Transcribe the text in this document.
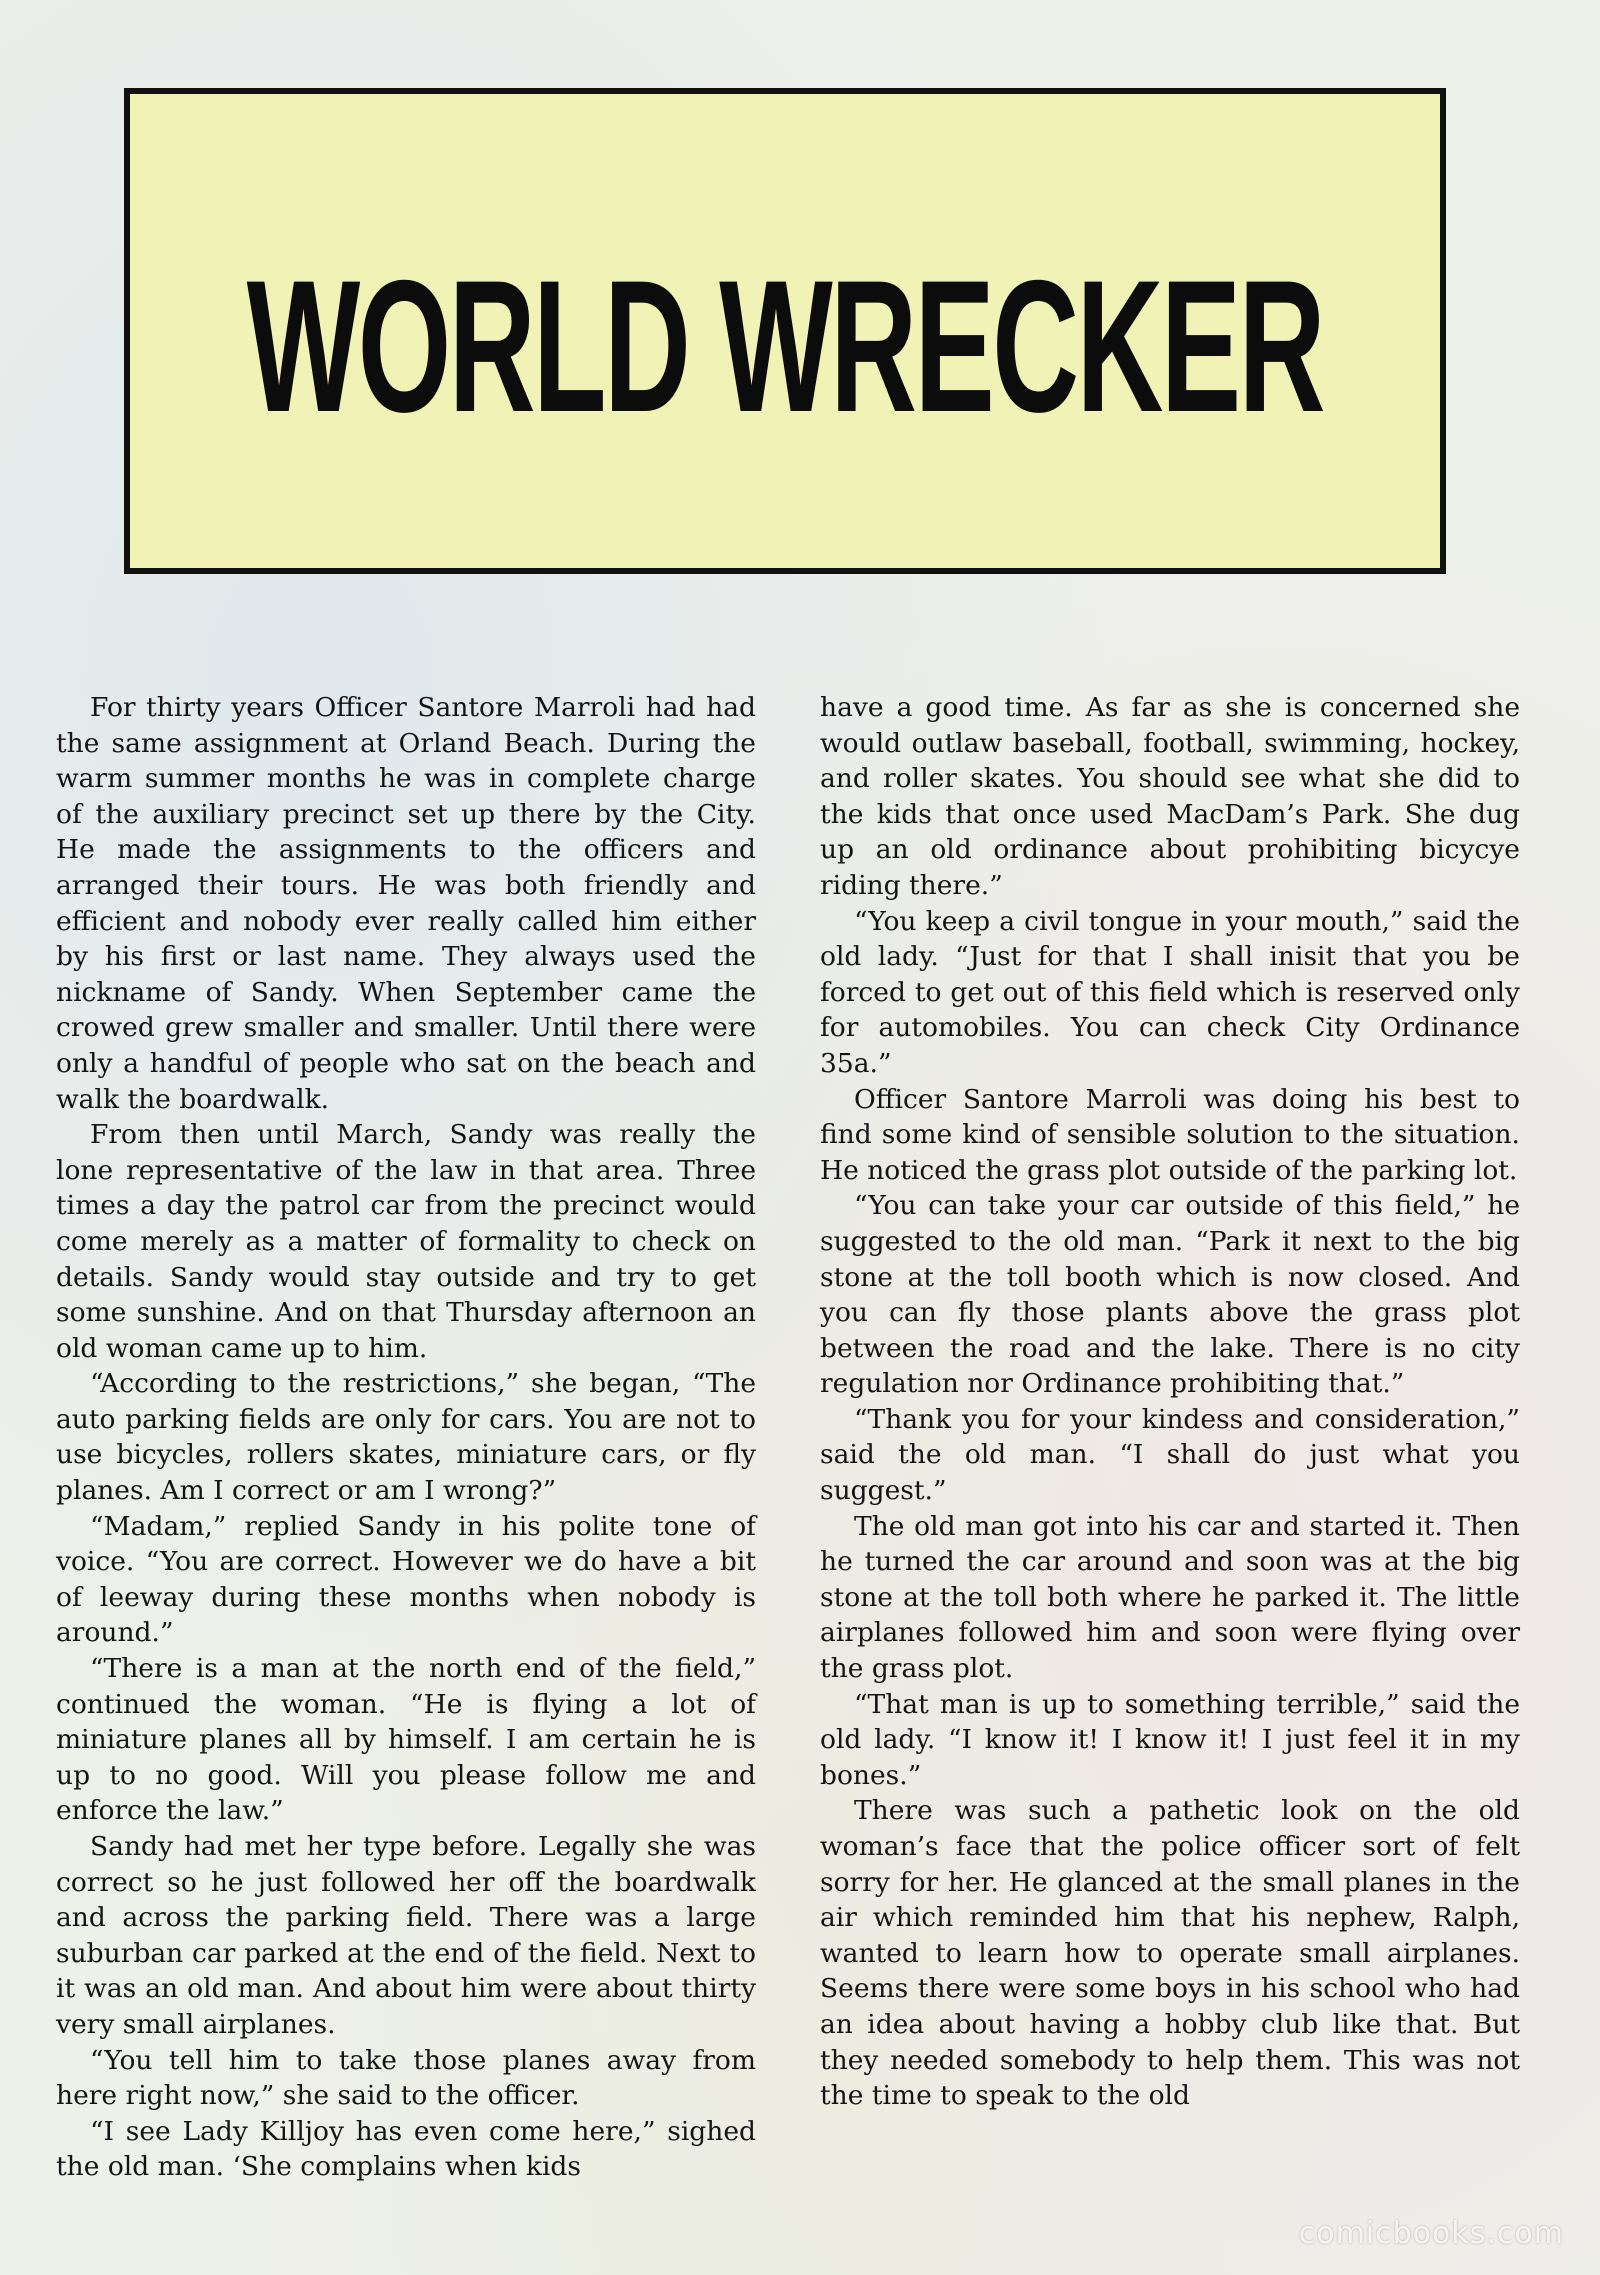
WORLD WRECKER

For thirty years Officer Santore Marroli had had the same assignment at Orland Beach. During the warm summer months he was in complete charge of the auxiliary precinct set up there by the City. He made the assignments to the officers and arranged their tours. He was both friendly and efficient and nobody ever really called him either by his first or last name. They always used the nickname of Sandy. When September came the crowed grew smaller and smaller. Until there were only a handful of people who sat on the beach and walk the boardwalk.

From then until March, Sandy was really the lone representative of the law in that area. Three times a day the patrol car from the precinct would come merely as a matter of formality to check on details. Sandy would stay outside and try to get some sunshine. And on that Thursday afternoon an old woman came up to him.

“According to the restrictions,” she began, “The auto parking fields are only for cars. You are not to use bicycles, rollers skates, miniature cars, or fly planes. Am I correct or am I wrong?”

“Madam,” replied Sandy in his polite tone of voice. “You are correct. However we do have a bit of leeway during these months when nobody is around.”

“There is a man at the north end of the field,” continued the woman. “He is flying a lot of miniature planes all by himself. I am certain he is up to no good. Will you please follow me and enforce the law.”

Sandy had met her type before. Legally she was correct so he just followed her off the boardwalk and across the parking field. There was a large suburban car parked at the end of the field. Next to it was an old man. And about him were about thirty very small airplanes.

“You tell him to take those planes away from here right now,” she said to the officer.

“I see Lady Killjoy has even come here,” sighed the old man. ‘She complains when kids

have a good time. As far as she is concerned she would outlaw baseball, football, swimming, hockey, and roller skates. You should see what she did to the kids that once used MacDam’s Park. She dug up an old ordinance about prohibiting bicycye riding there.”

“You keep a civil tongue in your mouth,” said the old lady. “Just for that I shall inisit that you be forced to get out of this field which is reserved only for automobiles. You can check City Ordinance 35a.”

Officer Santore Marroli was doing his best to find some kind of sensible solution to the situation. He noticed the grass plot outside of the parking lot.

“You can take your car outside of this field,” he suggested to the old man. “Park it next to the big stone at the toll booth which is now closed. And you can fly those plants above the grass plot between the road and the lake. There is no city regulation nor Ordinance prohibiting that.”

“Thank you for your kindess and consideration,” said the old man. “I shall do just what you suggest.”

The old man got into his car and started it. Then he turned the car around and soon was at the big stone at the toll both where he parked it. The little airplanes followed him and soon were flying over the grass plot.

“That man is up to something terrible,” said the old lady. “I know it! I know it! I just feel it in my bones.”

There was such a pathetic look on the old woman’s face that the police officer sort of felt sorry for her. He glanced at the small planes in the air which reminded him that his nephew, Ralph, wanted to learn how to operate small airplanes. Seems there were some boys in his school who had an idea about having a hobby club like that. But they needed somebody to help them. This was not the time to speak to the old

comicbooks.com
